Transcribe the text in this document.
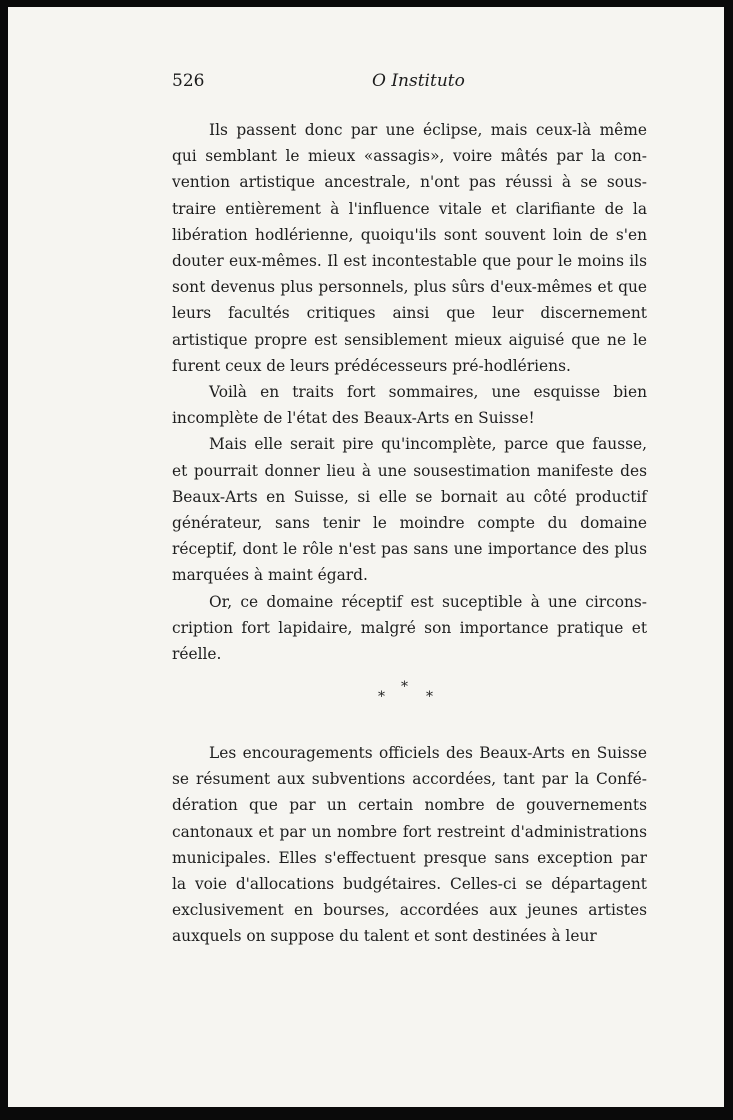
526	O Instituto

Ils passent donc par une éclipse, mais ceux-là même qui semblant le mieux «assagis», voire mâtés par la convention artistique ancestrale, n'ont pas réussi à se soustraire entièrement à l'influence vitale et clarifiante de la libération hodlérienne, quoiqu'ils sont souvent loin de s'en douter eux-mêmes. Il est incontestable que pour le moins ils sont devenus plus personnels, plus sûrs d'eux-mêmes et que leurs facultés critiques ainsi que leur discernement artistique propre est sensiblement mieux aiguisé que ne le furent ceux de leurs prédécesseurs pré-hodlériens.

Voilà en traits fort sommaires, une esquisse bien incomplète de l'état des Beaux-Arts en Suisse!

Mais elle serait pire qu'incomplète, parce que fausse, et pourrait donner lieu à une sousestimation manifeste des Beaux-Arts en Suisse, si elle se bornait au côté productif générateur, sans tenir le moindre compte du domaine réceptif, dont le rôle n'est pas sans une importance des plus marquées à maint égard.

Or, ce domaine réceptif est suceptible à une circonscription fort lapidaire, malgré son importance pratique et réelle.

*
*
*

Les encouragements officiels des Beaux-Arts en Suisse se résument aux subventions accordées, tant par la Confédération que par un certain nombre de gouvernements cantonaux et par un nombre fort restreint d'administrations municipales. Elles s'effectuent presque sans exception par la voie d'allocations budgétaires. Celles-ci se départagent exclusivement en bourses, accordées aux jeunes artistes auxquels on suppose du talent et sont destinées à leur
